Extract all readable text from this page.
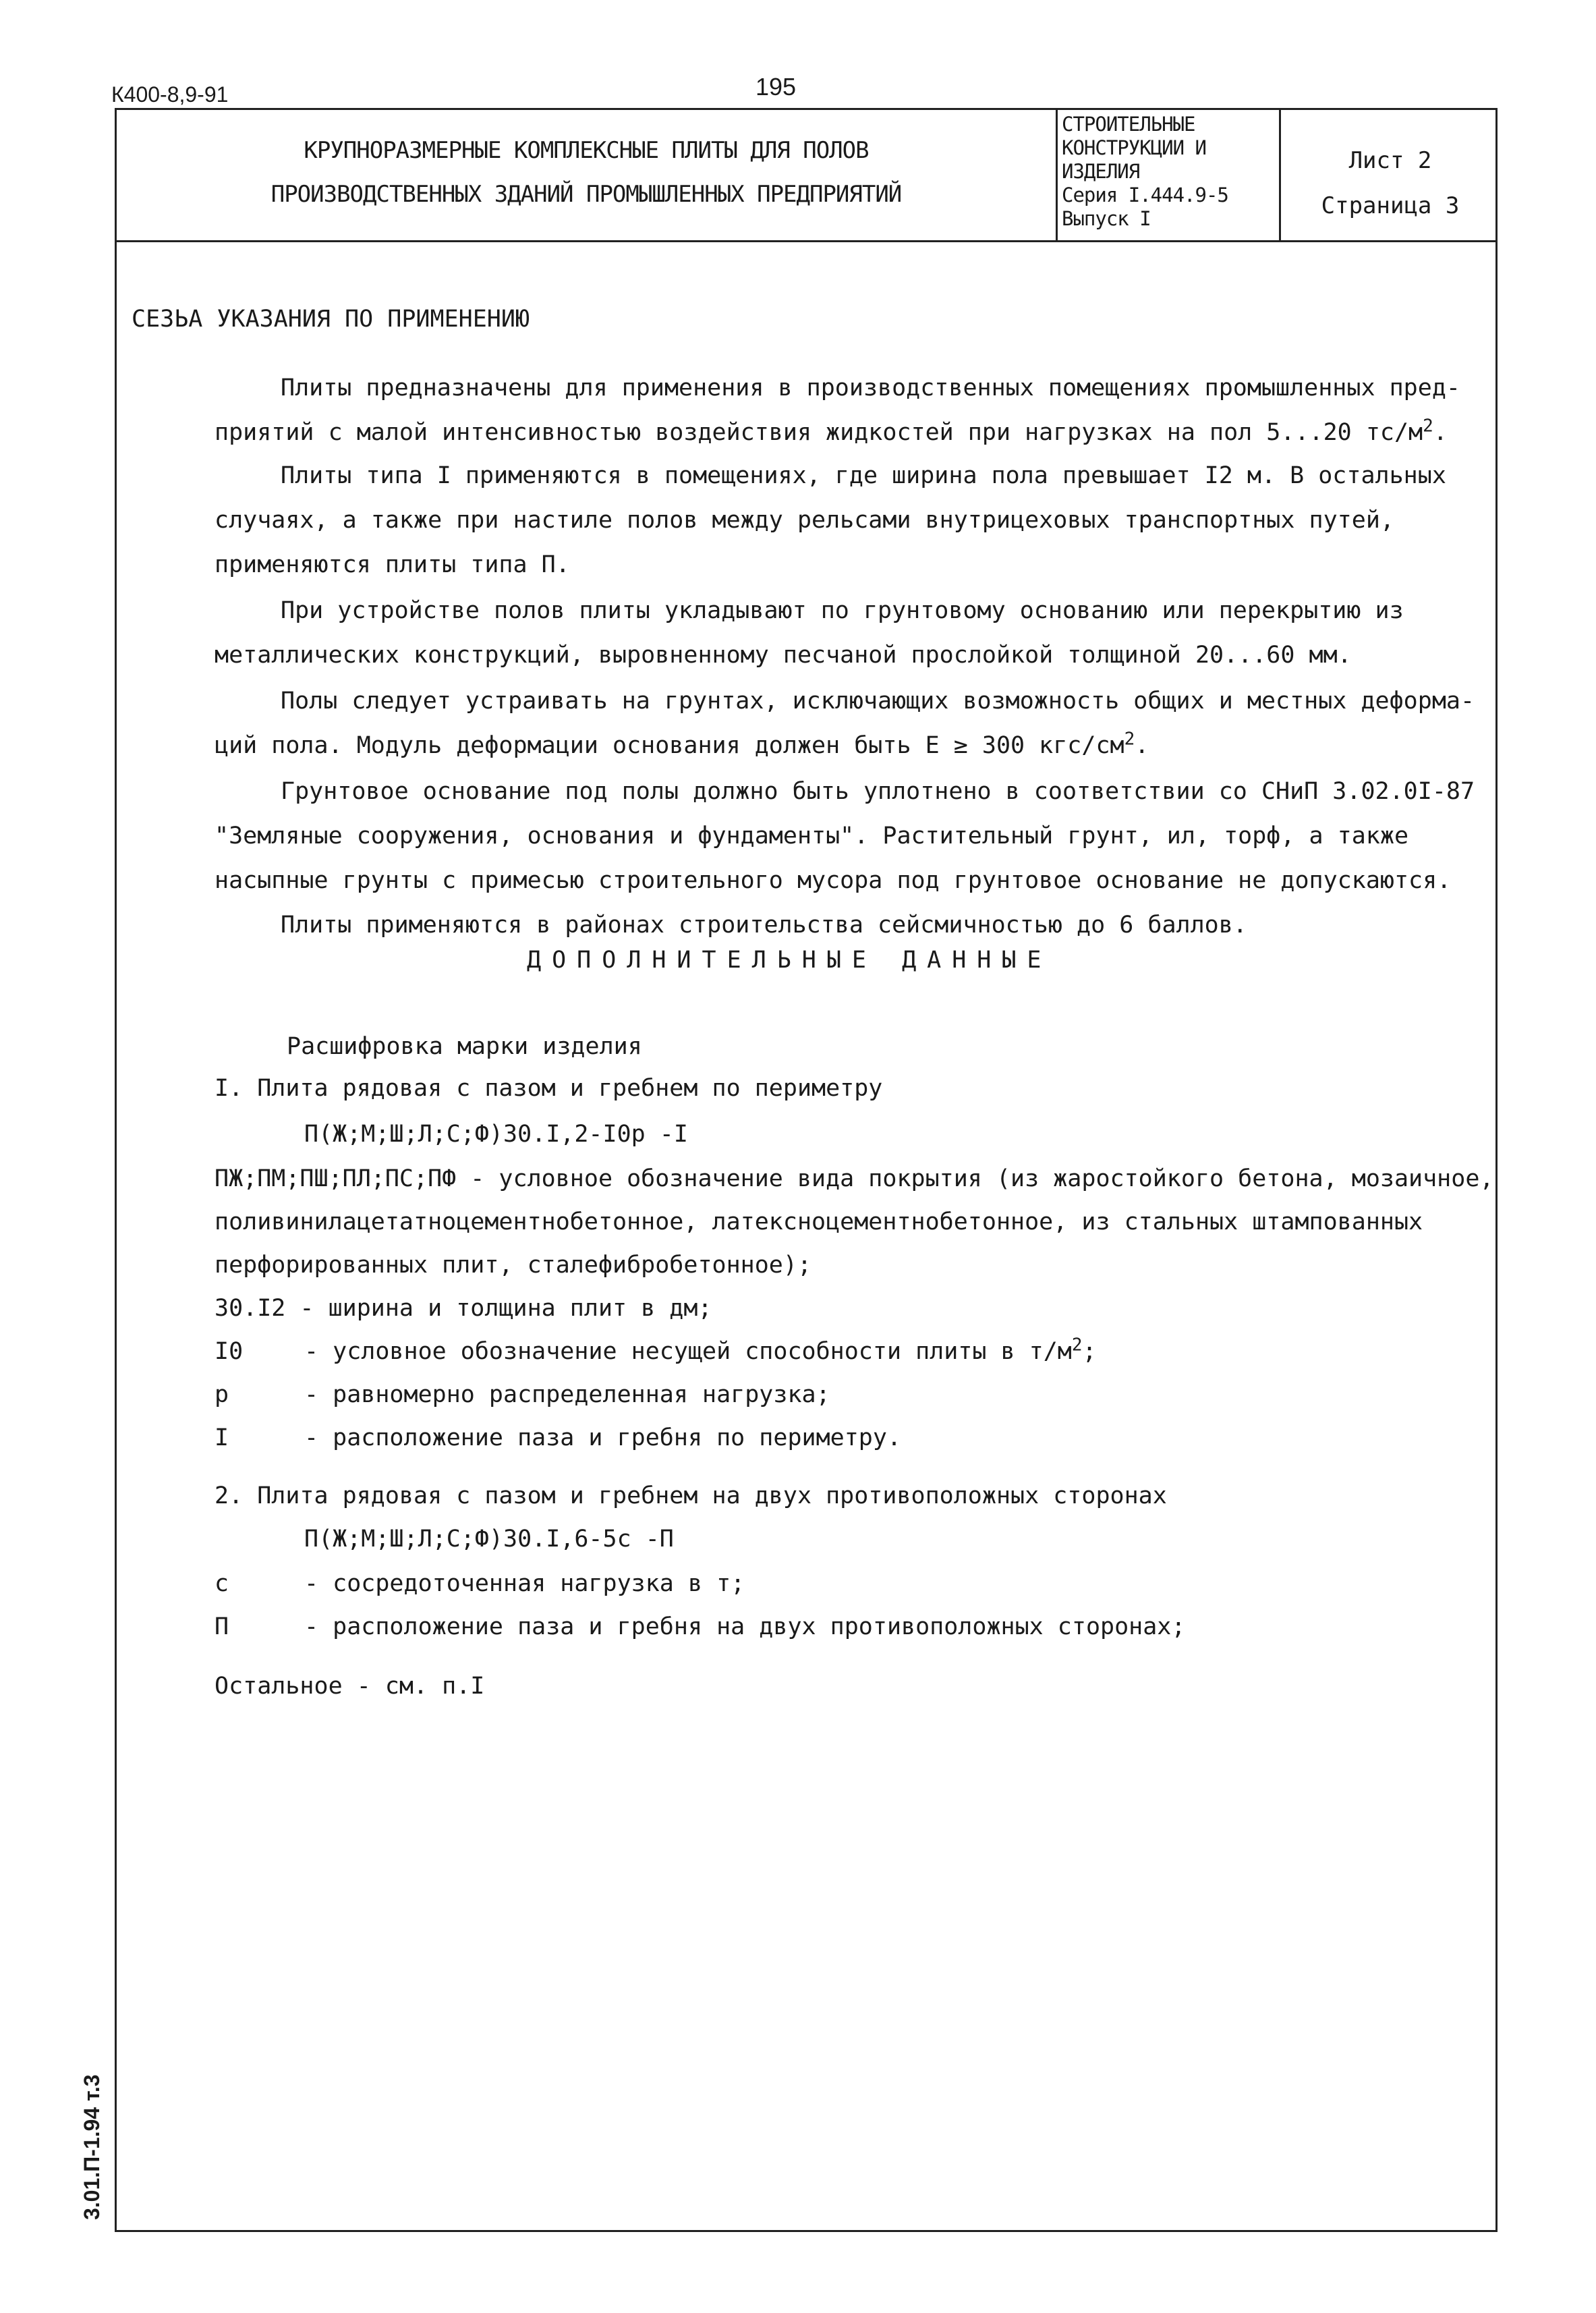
К400-8,9-91	195
КРУПНОРАЗМЕРНЫЕ КОМПЛЕКСНЫЕ ПЛИТЫ ДЛЯ ПОЛОВ
ПРОИЗВОДСТВЕННЫХ ЗДАНИЙ ПРОМЫШЛЕННЫХ ПРЕДПРИЯТИЙ
СТРОИТЕЛЬНЫЕ
КОНСТРУКЦИИ И
ИЗДЕЛИЯ
Серия I.444.9-5
Выпуск I
Лист 2
Страница 3
СЕЗЬА УКАЗАНИЯ ПО ПРИМЕНЕНИЮ
Плиты предназначены для применения в производственных помещениях промышленных пред-
приятий с малой интенсивностью воздействия жидкостей при нагрузках на пол 5...20 $тс/м^2$.
Плиты типа I применяются в помещениях, где ширина пола превышает I2 м. В остальных
случаях, а также при настиле полов между рельсами внутрицеховых транспортных путей,
применяются плиты типа П.
При устройстве полов плиты укладывают по грунтовому основанию или перекрытию из
металлических конструкций, выровненному песчаной прослойкой толщиной 20...60 мм.
Полы следует устраивать на грунтах, исключающих возможность общих и местных деформа-
ций пола. Модуль деформации основания должен быть Е ≥ 300 кгс/$см^2$.
Грунтовое основание под полы должно быть уплотнено в соответствии со СНиП 3.02.0I-87
"Земляные сооружения, основания и фундаменты". Растительный грунт, ил, торф, а также
насыпные грунты с примесью строительного мусора под грунтовое основание не допускаются.
Плиты применяются в районах строительства сейсмичностью до 6 баллов.
ДОПОЛНИТЕЛЬНЫЕ ДАННЫЕ
Расшифровка марки изделия
I. Плита рядовая с пазом и гребнем по периметру
П(Ж;М;Ш;Л;С;Ф)30.I,2-I0р -I
ПЖ;ПМ;ПШ;ПЛ;ПС;ПФ - условное обозначение вида покрытия (из жаростойкого бетона, мозаичное,
поливинилацетатноцементнобетонное, латексноцементнобетонное, из стальных штампованных
перфорированных плит, сталефибробетонное);
30.I2 - ширина и толщина плит в дм;
I0	- условное обозначение несущей способности плиты в $т/м^2$;
р	- равномерно распределенная нагрузка;
I	- расположение паза и гребня по периметру.
2. Плита рядовая с пазом и гребнем на двух противоположных сторонах
П(Ж;М;Ш;Л;С;Ф)30.I,6-5с -П
с	- сосредоточенная нагрузка в т;
П	- расположение паза и гребня на двух противоположных сторонах;
Остальное - см. п.I
3.01.П-1.94 т.3
